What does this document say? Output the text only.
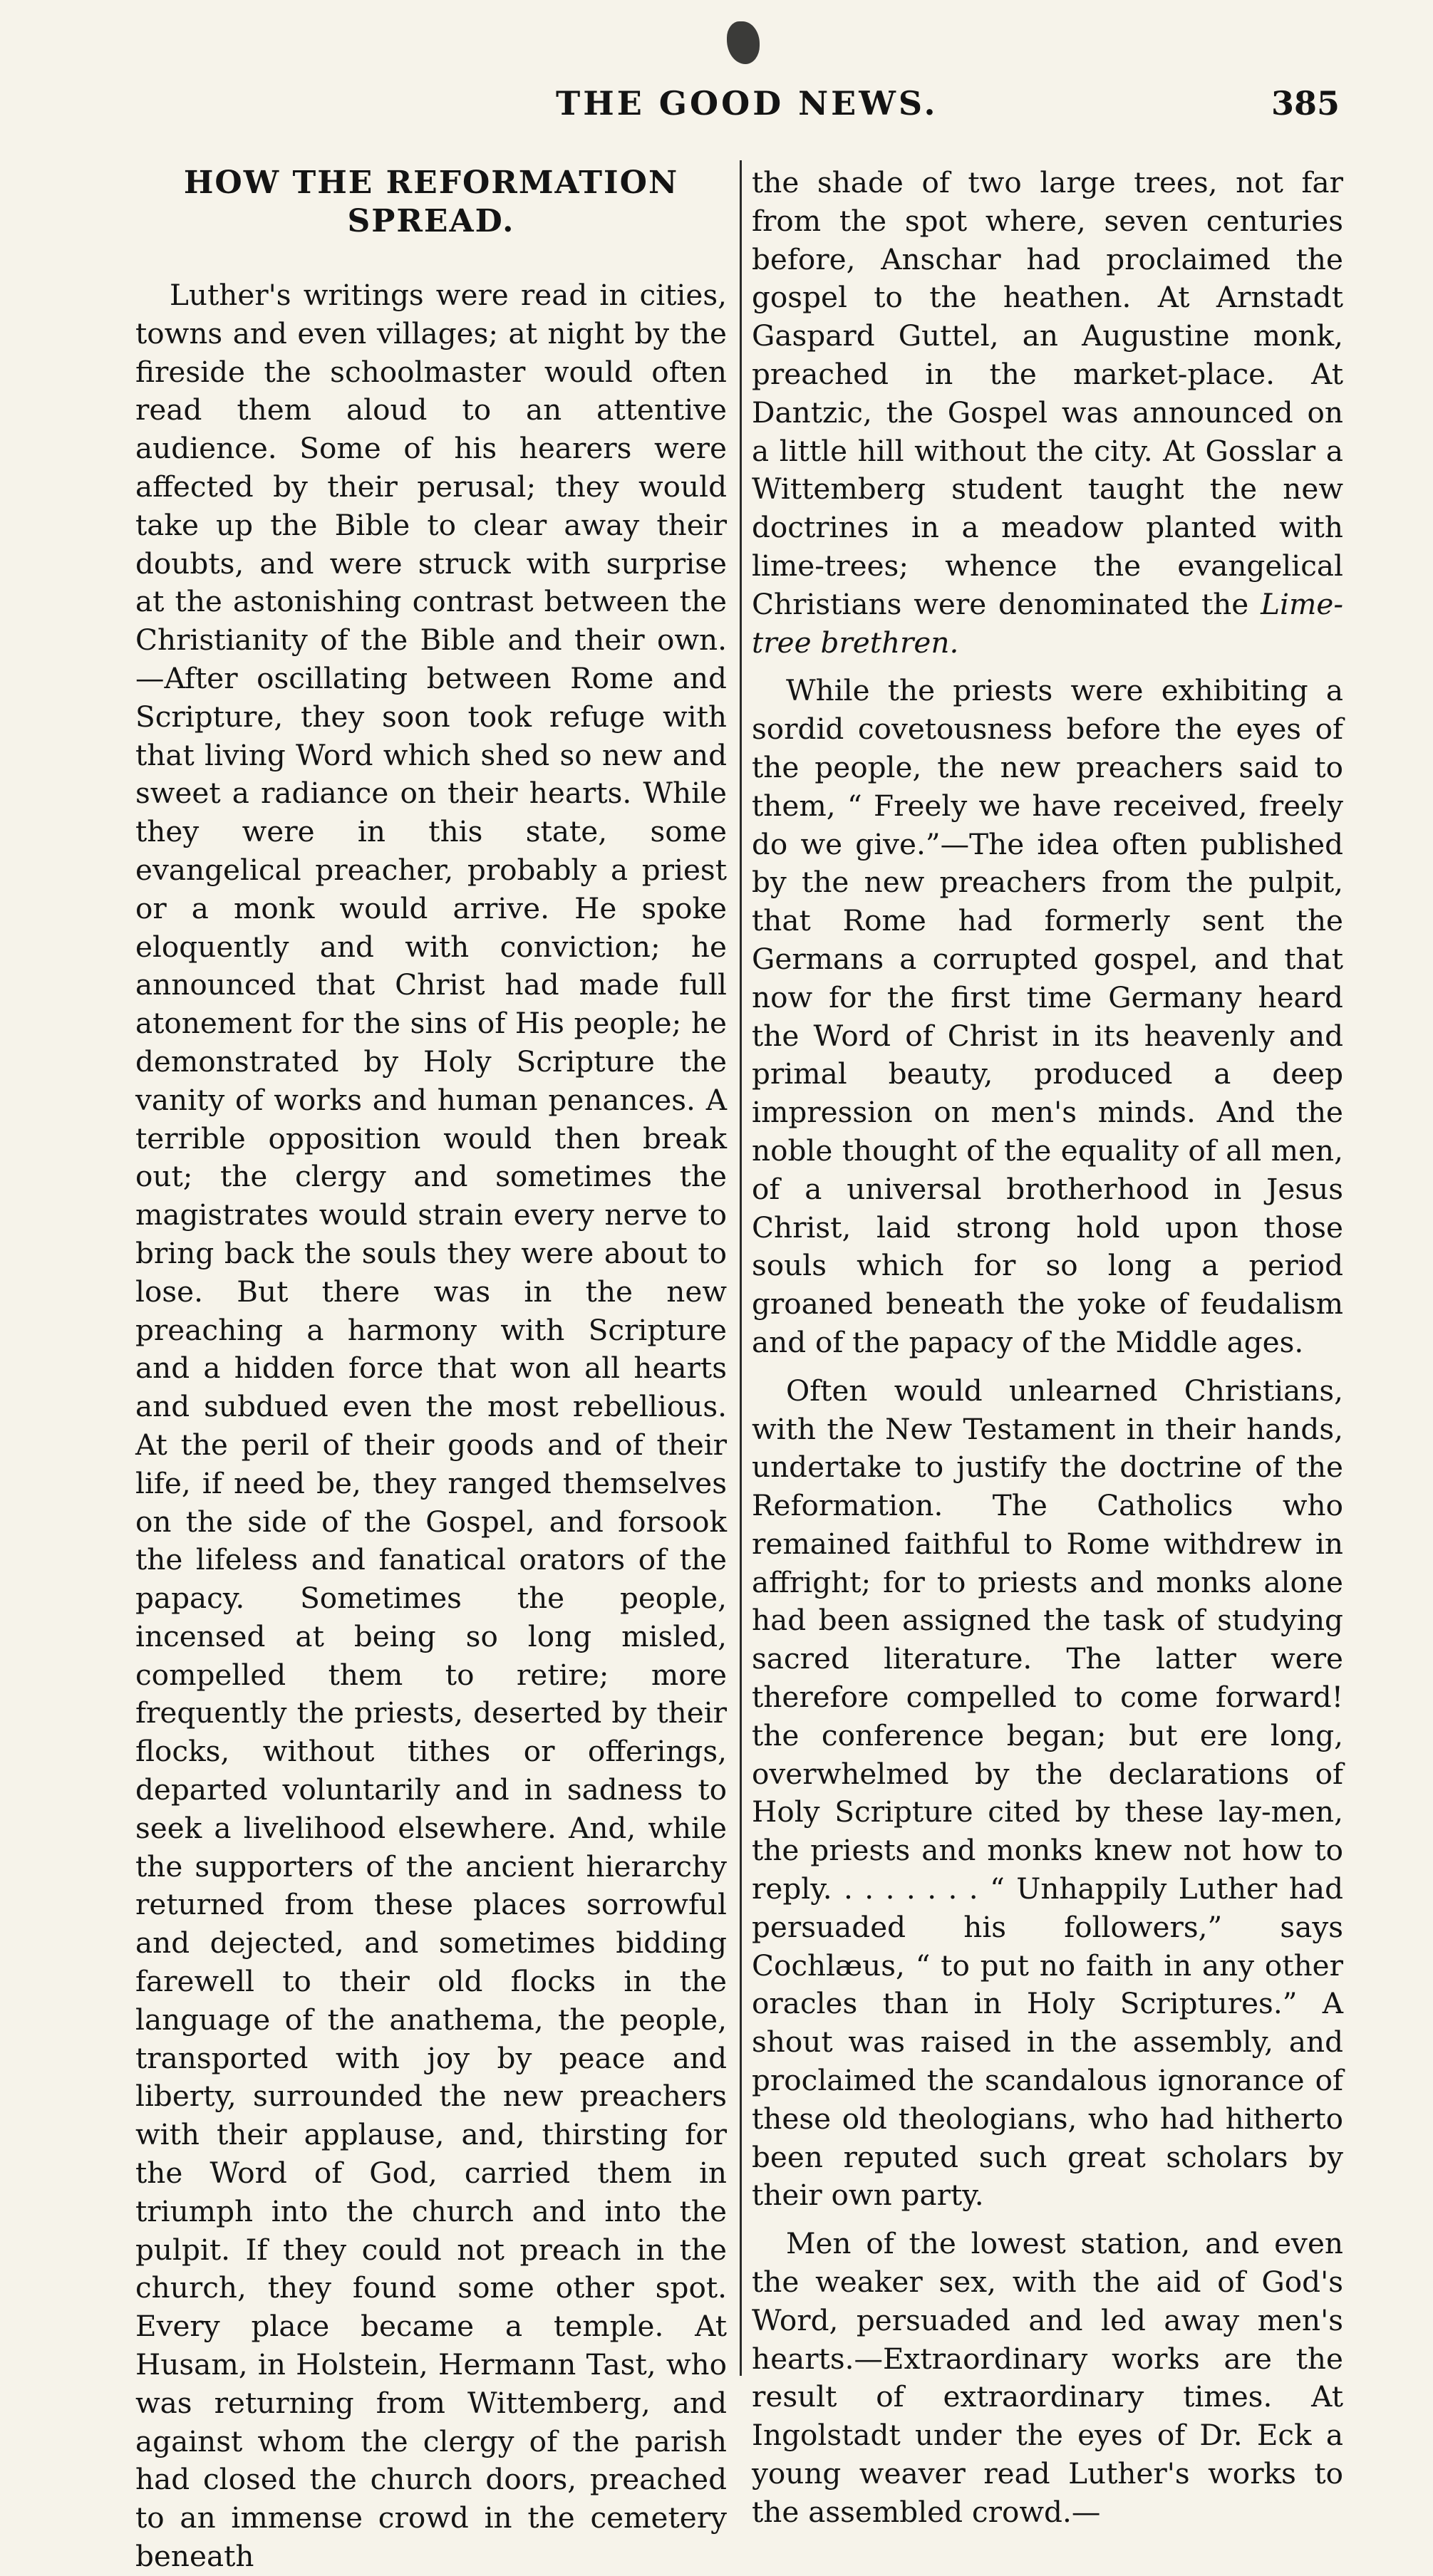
THE GOOD NEWS.	385
HOW THE REFORMATION SPREAD.

Luther's writings were read in cities, towns and even villages; at night by the fireside the schoolmaster would often read them aloud to an attentive audience. Some of his hearers were affected by their perusal; they would take up the Bible to clear away their doubts, and were struck with surprise at the astonishing contrast between the Christianity of the Bible and their own.—After oscillating between Rome and Scripture, they soon took refuge with that living Word which shed so new and sweet a radiance on their hearts. While they were in this state, some evangelical preacher, probably a priest or a monk would arrive. He spoke eloquently and with conviction; he announced that Christ had made full atonement for the sins of His people; he demonstrated by Holy Scripture the vanity of works and human penances. A terrible opposition would then break out; the clergy and sometimes the magistrates would strain every nerve to bring back the souls they were about to lose. But there was in the new preaching a harmony with Scripture and a hidden force that won all hearts and subdued even the most rebellious. At the peril of their goods and of their life, if need be, they ranged themselves on the side of the Gospel, and forsook the lifeless and fanatical orators of the papacy. Sometimes the people, incensed at being so long misled, compelled them to retire; more frequently the priests, deserted by their flocks, without tithes or offerings, departed voluntarily and in sadness to seek a livelihood elsewhere. And, while the supporters of the ancient hierarchy returned from these places sorrowful and dejected, and sometimes bidding farewell to their old flocks in the language of the anathema, the people, transported with joy by peace and liberty, surrounded the new preachers with their applause, and, thirsting for the Word of God, carried them in triumph into the church and into the pulpit. If they could not preach in the church, they found some other spot. Every place became a temple. At Husam, in Holstein, Hermann Tast, who was returning from Wittemberg, and against whom the clergy of the parish had closed the church doors, preached to an immense crowd in the cemetery beneath

the shade of two large trees, not far from the spot where, seven centuries before, Anschar had proclaimed the gospel to the heathen. At Arnstadt Gaspard Guttel, an Augustine monk, preached in the market-place. At Dantzic, the Gospel was announced on a little hill without the city. At Gosslar a Wittemberg student taught the new doctrines in a meadow planted with lime-trees; whence the evangelical Christians were denominated the Lime-tree brethren.

While the priests were exhibiting a sordid covetousness before the eyes of the people, the new preachers said to them, “ Freely we have received, freely do we give.”—The idea often published by the new preachers from the pulpit, that Rome had formerly sent the Germans a corrupted gospel, and that now for the first time Germany heard the Word of Christ in its heavenly and primal beauty, produced a deep impression on men's minds. And the noble thought of the equality of all men, of a universal brotherhood in Jesus Christ, laid strong hold upon those souls which for so long a period groaned beneath the yoke of feudalism and of the papacy of the Middle ages.

Often would unlearned Christians, with the New Testament in their hands, undertake to justify the doctrine of the Reformation. The Catholics who remained faithful to Rome withdrew in affright; for to priests and monks alone had been assigned the task of studying sacred literature. The latter were therefore compelled to come forward! the conference began; but ere long, overwhelmed by the declarations of Holy Scripture cited by these lay-men, the priests and monks knew not how to reply. . . . . . . . “ Unhappily Luther had persuaded his followers,” says Cochlæus, “ to put no faith in any other oracles than in Holy Scriptures.” A shout was raised in the assembly, and proclaimed the scandalous ignorance of these old theologians, who had hitherto been reputed such great scholars by their own party.

Men of the lowest station, and even the weaker sex, with the aid of God's Word, persuaded and led away men's hearts.—Extraordinary works are the result of extraordinary times. At Ingolstadt under the eyes of Dr. Eck a young weaver read Luther's works to the assembled crowd.—
